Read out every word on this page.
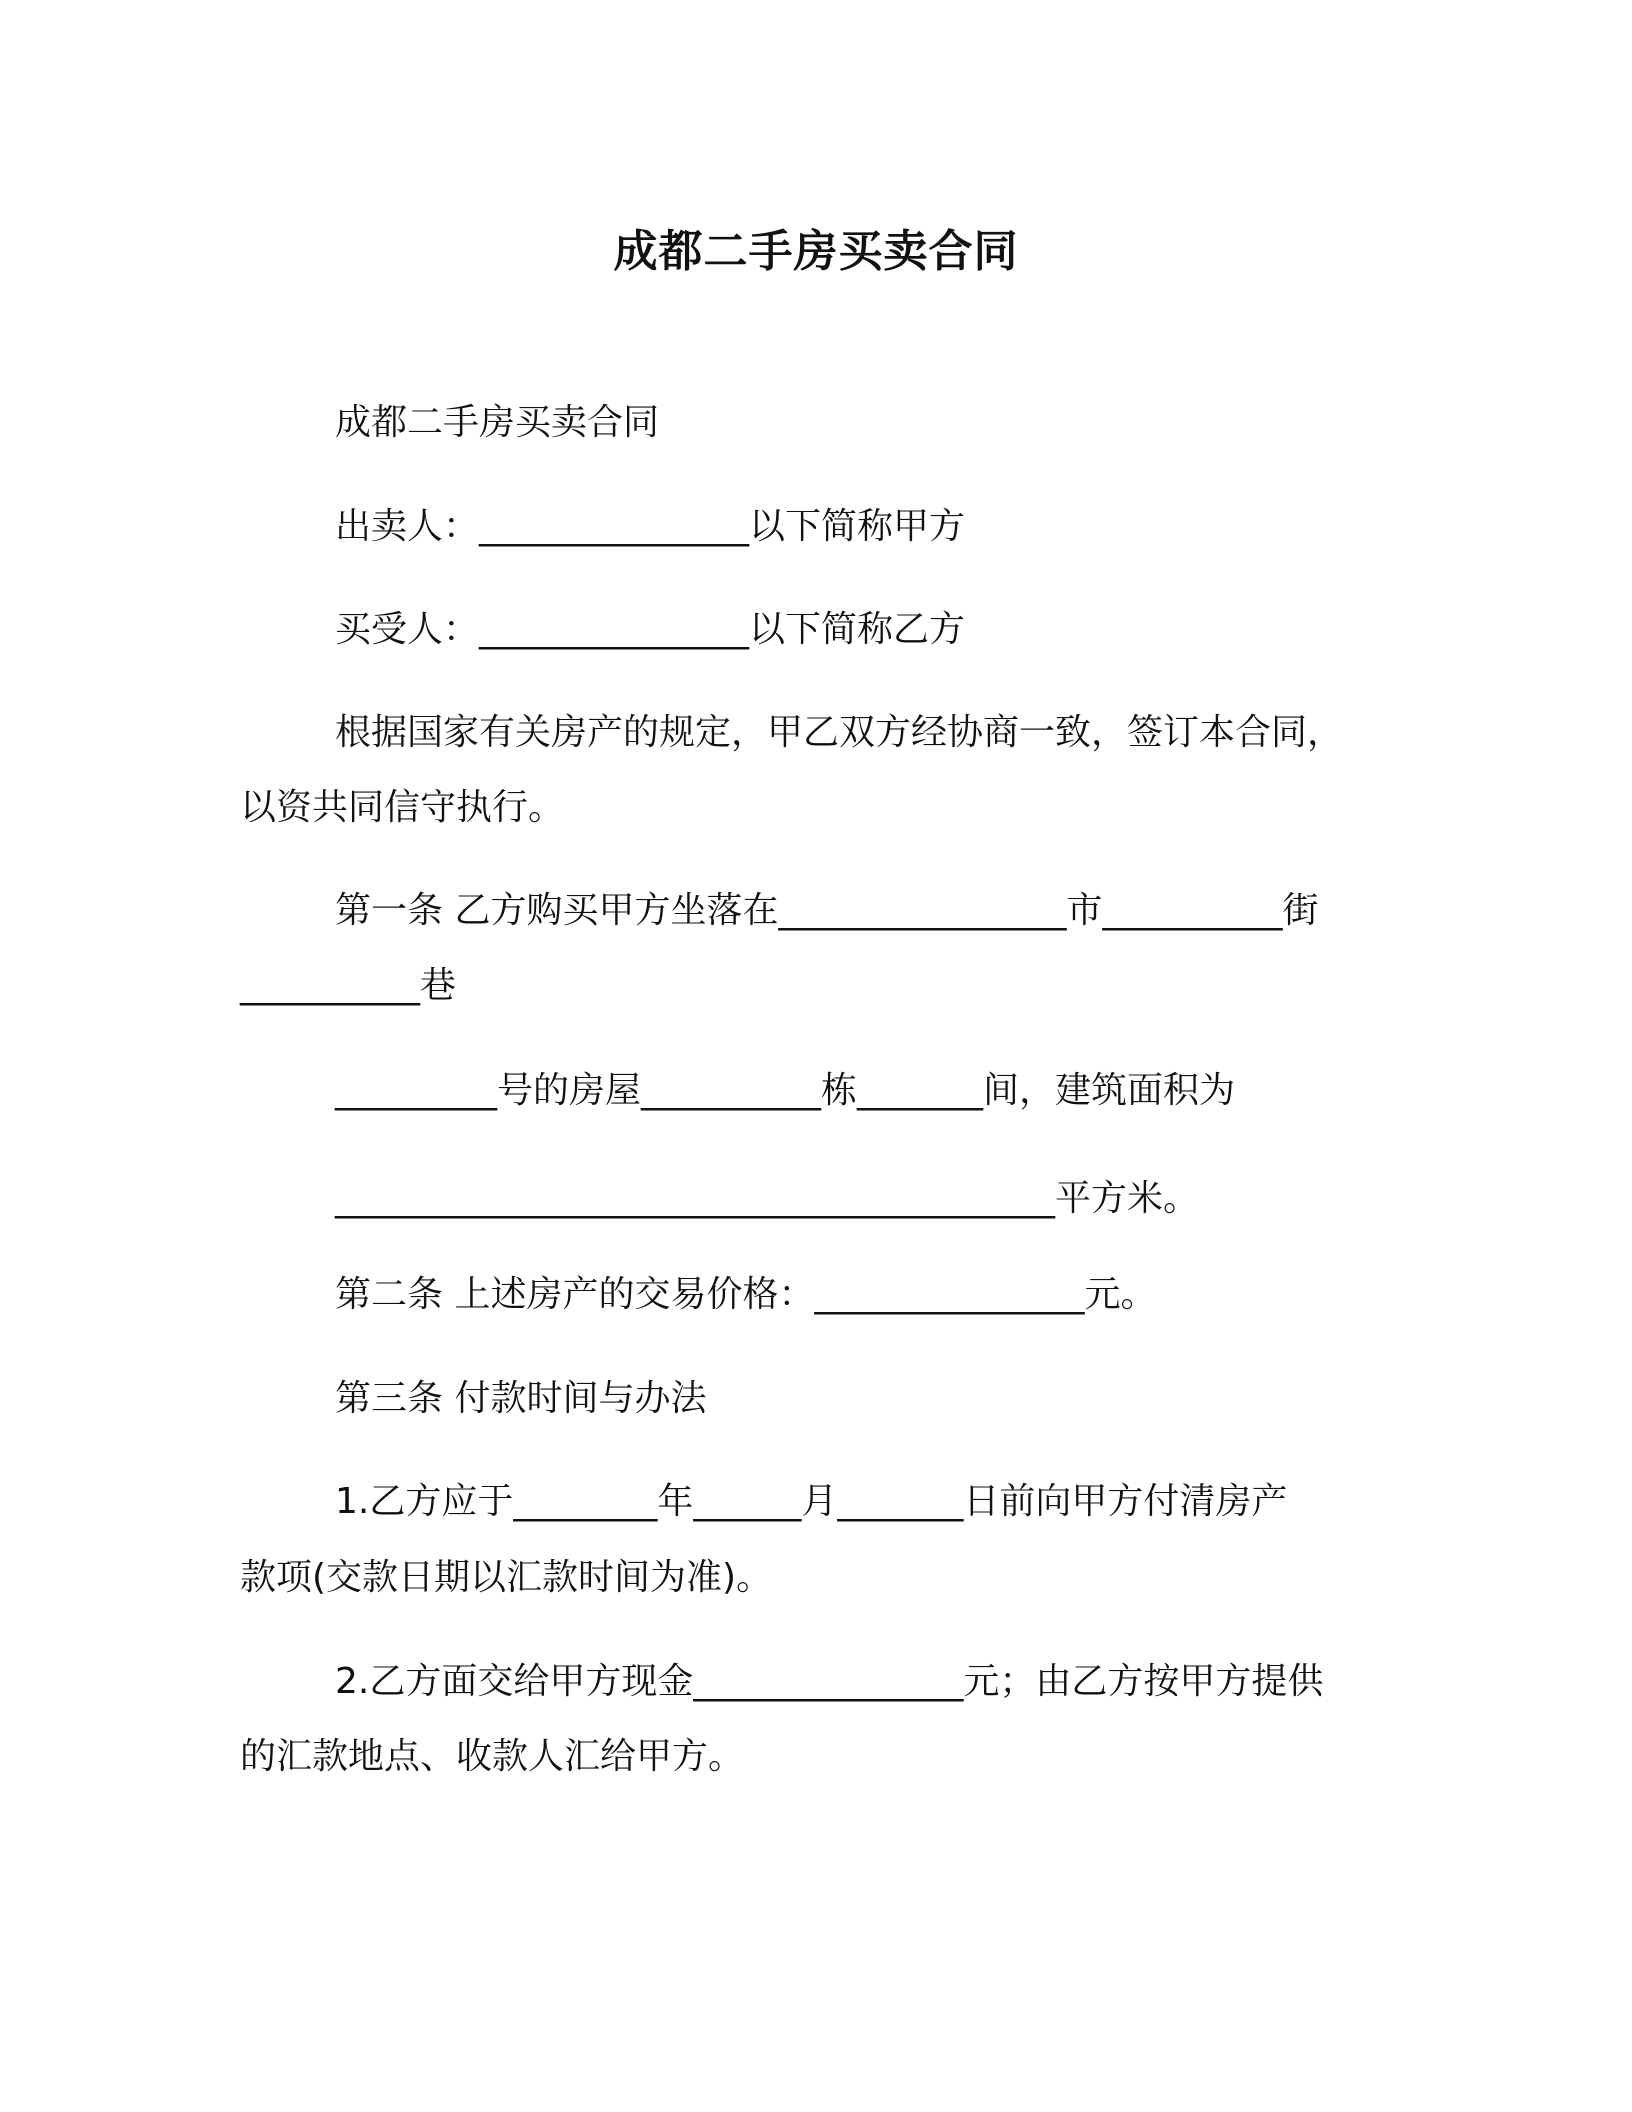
成都二手房买卖合同
成都二手房买卖合同
出卖人：_______________以下简称甲方
买受人：_______________以下简称乙方
根据国家有关房产的规定，甲乙双方经协商一致，签订本合同，
以资共同信守执行。
第一条 乙方购买甲方坐落在________________市__________街
__________巷
_________号的房屋__________栋_______间，建筑面积为
________________________________________平方米。
第二条 上述房产的交易价格：_______________元。
第三条 付款时间与办法
1.乙方应于________年______月_______日前向甲方付清房产
款项(交款日期以汇款时间为准)。
2.乙方面交给甲方现金_______________元；由乙方按甲方提供
的汇款地点、收款人汇给甲方。
